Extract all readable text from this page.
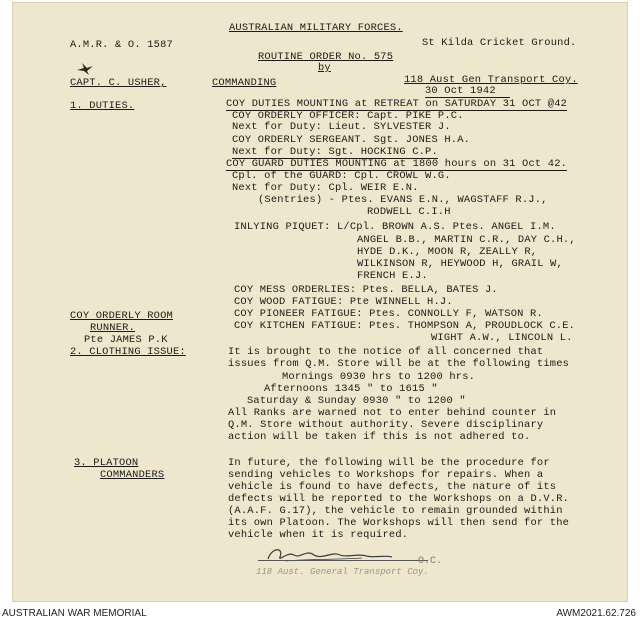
AUSTRALIAN MILITARY FORCES.
A.M.R. & O. 1587	St Kilda Cricket Ground.
ROUTINE ORDER No. 575
by
CAPT. C. USHER,	COMMANDING	118 Aust Gen Transport Coy.
30 Oct 1942
1. DUTIES.	COY DUTIES MOUNTING at RETREAT on SATURDAY 31 OCT @42
COY ORDERLY OFFICER: Capt. PIKE P.C.
Next for Duty: Lieut. SYLVESTER J.
COY ORDERLY SERGEANT. Sgt. JONES H.A.
Next for Duty: Sgt. HOCKING C.P.
COY GUARD DUTIES MOUNTING at 1800 hours on 31 Oct 42.
Cpl. of the GUARD: Cpl. CROWL W.G.
Next for Duty: Cpl. WEIR E.N.
(Sentries) - Ptes. EVANS E.N., WAGSTAFF R.J.,
RODWELL C.I.H
INLYING PIQUET: L/Cpl. BROWN A.S. Ptes. ANGEL I.M.
ANGEL B.B., MARTIN C.R., DAY C.H.,
HYDE D.K., MOON R, ZEALLY R,
WILKINSON R, HEYWOOD H, GRAIL W,
FRENCH E.J.
COY MESS ORDERLIES: Ptes. BELLA, BATES J.
COY WOOD FATIGUE: Pte WINNELL H.J.
COY PIONEER FATIGUE: Ptes. CONNOLLY F, WATSON R.
COY KITCHEN FATIGUE: Ptes. THOMPSON A, PROUDLOCK C.E.
WIGHT A.W., LINCOLN L.
COY ORDERLY ROOM
RUNNER.
Pte JAMES P.K
2. CLOTHING ISSUE:	It is brought to the notice of all concerned that
issues from Q.M. Store will be at the following times
Mornings 0930 hrs to 1200 hrs.
Afternoons 1345 " to 1615 "
Saturday & Sunday 0930 " to 1200 "
All Ranks are warned not to enter behind counter in
Q.M. Store without authority. Severe disciplinary
action will be taken if this is not adhered to.
3. PLATOON
COMMANDERS
In future, the following will be the procedure for
sending vehicles to Workshops for repairs. When a
vehicle is found to have defects, the nature of its
defects will be reported to the Workshops on a D.V.R.
(A.A.F. G.17), the vehicle to remain grounded within
its own Platoon. The Workshops will then send for the
vehicle when it is required.
O.C.
118 Aust. General Transport Coy.
AUSTRALIAN WAR MEMORIAL	AWM2021.62.726
